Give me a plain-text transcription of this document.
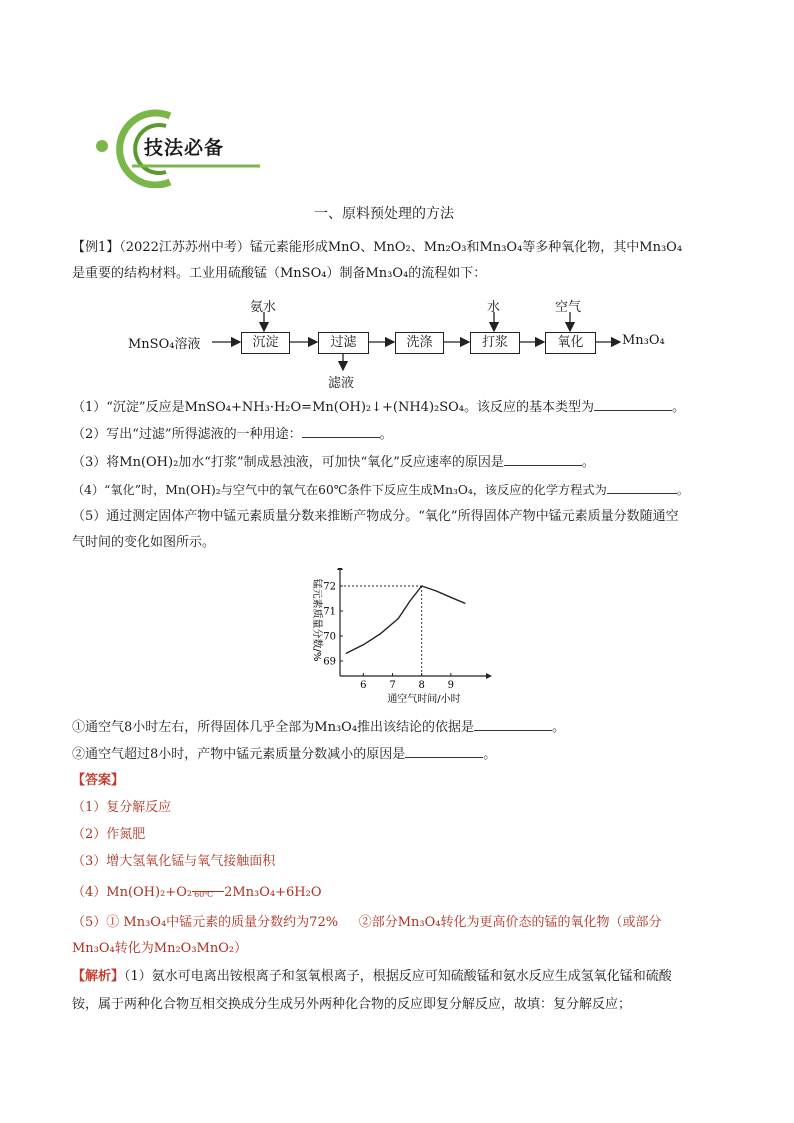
技法必备
一、原料预处理的方法
【例1】（2022江苏苏州中考）锰元素能形成MnO、MnO₂、Mn₂O₃和Mn₃O₄等多种氧化物，其中Mn₃O₄
是重要的结构材料。工业用硫酸锰（MnSO₄）制备Mn₃O₄的流程如下：
MnSO₄溶液	沉淀	过滤	洗涤	打浆	氧化	Mn₃O₄
氨水	水	空气
滤液
（1）“沉淀”反应是MnSO₄+NH₃·H₂O=Mn(OH)₂↓+(NH4)₂SO₄。该反应的基本类型为	。
（2）写出“过滤”所得滤液的一种用途：	。
（3）将Mn(OH)₂加水“打浆”制成悬浊液，可加快“氧化”反应速率的原因是	。
（4）“氧化”时，Mn(OH)₂与空气中的氧气在60℃条件下反应生成Mn₃O₄，该反应的化学方程式为	。
（5）通过测定固体产物中锰元素质量分数来推断产物成分。“氧化”所得固体产物中锰元素质量分数随通空
气时间的变化如图所示。
6 7 8 9
69
70
71
72
通空气时间/小时
锰元素质量分数/%
①通空气8小时左右，所得固体几乎全部为Mn₃O₄推出该结论的依据是	。
②通空气超过8小时，产物中锰元素质量分数减小的原因是	。
【答案】
（1）复分解反应
（2）作氮肥
（3）增大氢氧化锰与氧气接触面积
（4）Mn(OH)₂+O₂ 60℃ 2Mn₃O₄+6H₂O
（5）① Mn₃O₄中锰元素的质量分数约为72%     ②部分Mn₃O₄转化为更高价态的锰的氧化物（或部分
Mn₃O₄转化为Mn₂O₃MnO₂）
【解析】（1）氨水可电离出铵根离子和氢氧根离子，根据反应可知硫酸锰和氨水反应生成氢氧化锰和硫酸
铵，属于两种化合物互相交换成分生成另外两种化合物的反应即复分解反应，故填：复分解反应；
